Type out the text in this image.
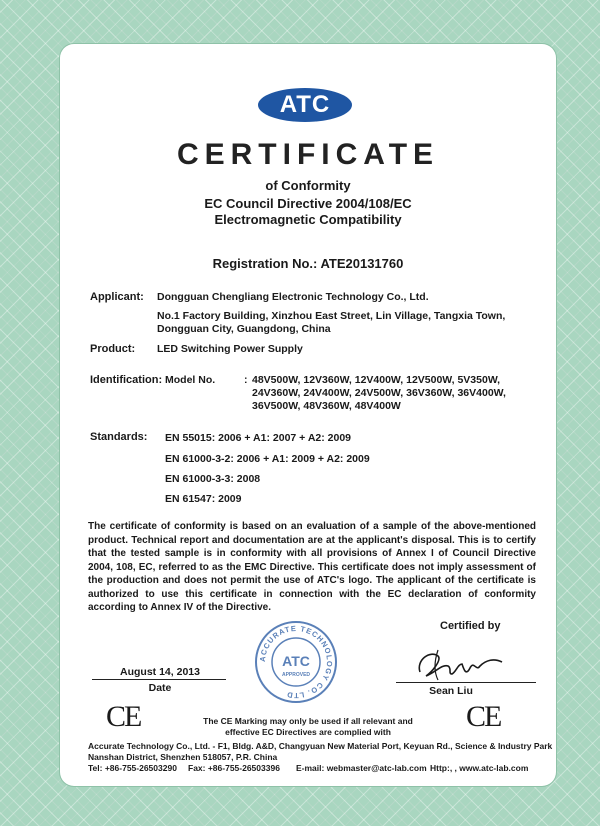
ATC
CERTIFICATE
of Conformity
EC Council Directive 2004/108/EC
Electromagnetic Compatibility
Registration No.: ATE20131760
Applicant: Dongguan Chengliang Electronic Technology Co., Ltd.
No.1 Factory Building, Xinzhou East Street, Lin Village, Tangxia Town,
Dongguan City, Guangdong, China
Product: LED Switching Power Supply
Identification: Model No.	: 48V500W, 12V360W, 12V400W, 12V500W, 5V350W,
24V360W, 24V400W, 24V500W, 36V360W, 36V400W,
36V500W, 48V360W, 48V400W
Standards: EN 55015: 2006 + A1: 2007 + A2: 2009
EN 61000-3-2: 2006 + A1: 2009 + A2: 2009
EN 61000-3-3: 2008
EN 61547: 2009
The certificate of conformity is based on an evaluation of a sample of the above-mentioned product. Technical report and documentation are at the applicant's disposal. This is to certify that the tested sample is in conformity with all provisions of Annex I of Council Directive 2004, 108, EC, referred to as the EMC Directive. This certificate does not imply assessment of the production and does not permit the use of ATC's logo. The applicant of the certificate is authorized to use this certificate in connection with the EC declaration of conformity according to Annex IV of the Directive.
Certified by
August 14, 2013
Date
ACCURATE TECHNOLOGY CO. LTD
ATC
APPROVED
Sean Liu
CE	CE
The CE Marking may only be used if all relevant and
effective EC Directives are complied with
Accurate Technology Co., Ltd. - F1, Bldg. A&D, Changyuan New Material Port, Keyuan Rd., Science & Industry Park
Nanshan District, Shenzhen 518057, P.R. China
Tel: +86-755-26503290 Fax: +86-755-26503396 E-mail: webmaster@atc-lab.com Http:, , www.atc-lab.com
